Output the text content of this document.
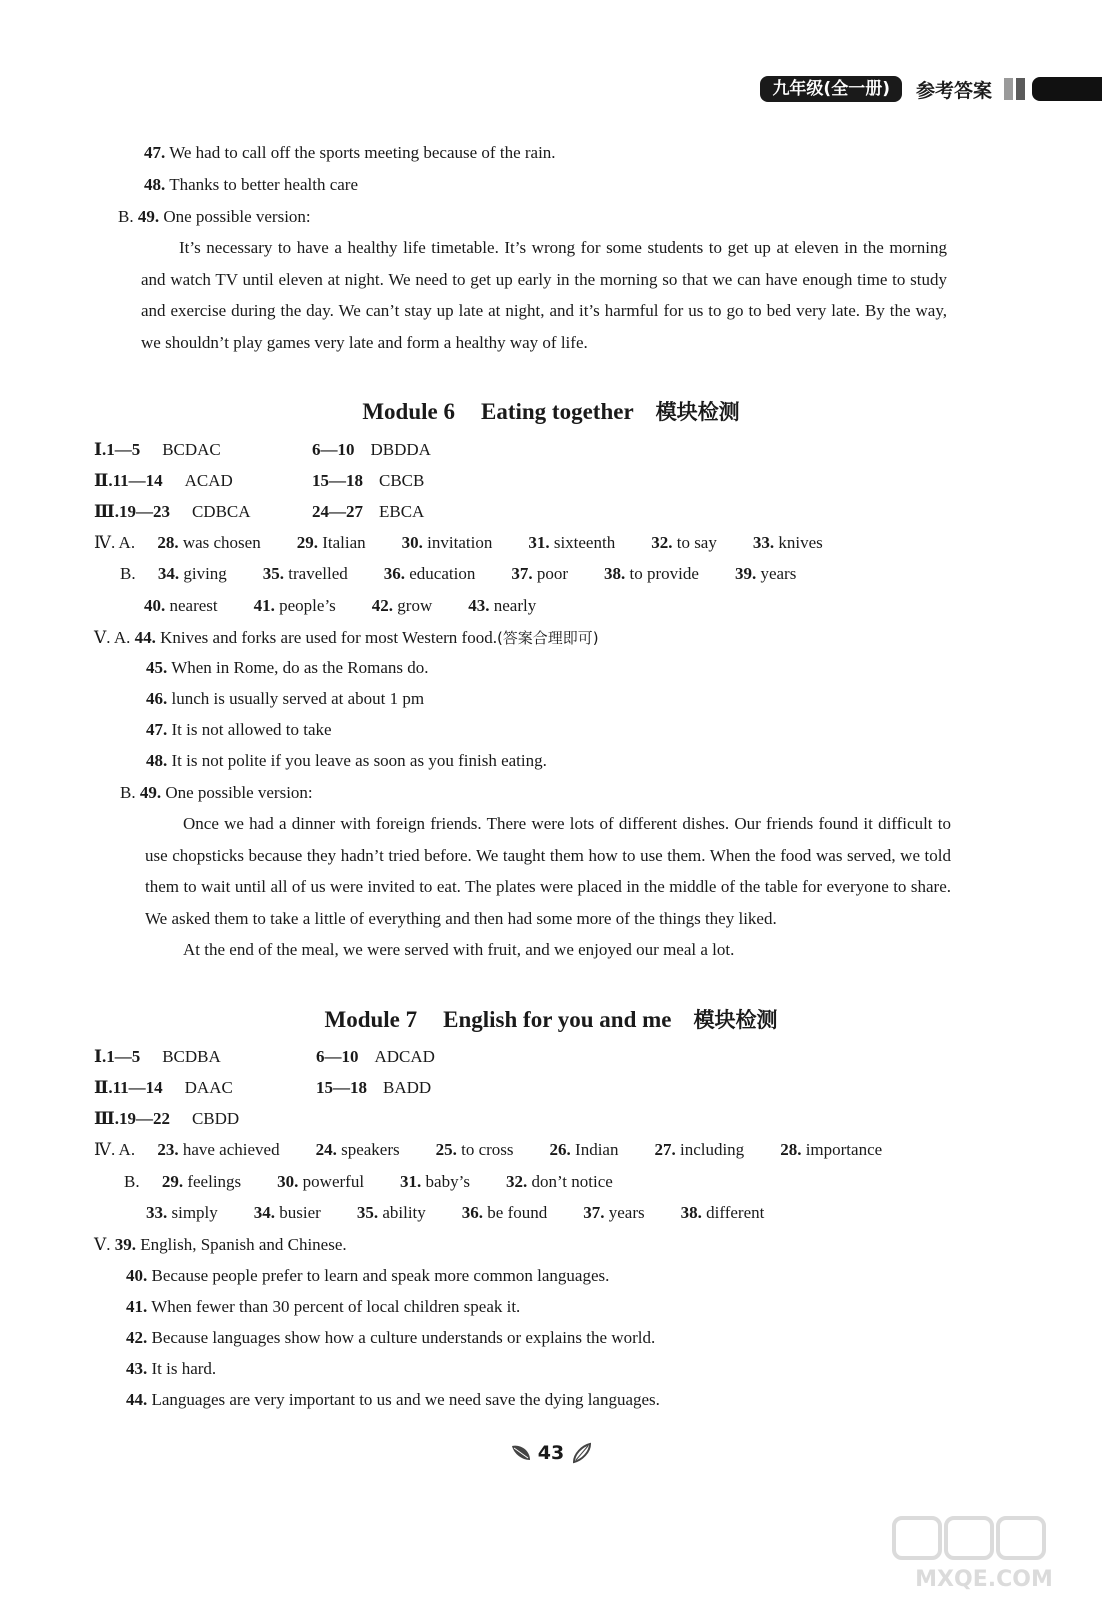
九年级(全一册)	参考答案
47. We had to call off the sports meeting because of the rain.
48. Thanks to better health care
B. 49. One possible version:

It’s necessary to have a healthy life timetable. It’s wrong for some students to get up at eleven in the morning and watch TV until eleven at night. We need to get up early in the morning so that we can have enough time to study and exercise during the day. We can’t stay up late at night, and it’s harmful for us to go to bed very late. By the way, we shouldn’t play games very late and form a healthy way of life.

Module 6 Eating together 模块检测
Ⅰ.1—5 BCDAC	6—10 DBDDA
Ⅱ.11—14 ACAD	15—18 CBCB
Ⅲ.19—23 CDBCA	24—27 EBCA
Ⅳ. A. 28. was chosen	29. Italian	30. invitation	31. sixteenth	32. to say	33. knives
B. 34. giving	35. travelled	36. education	37. poor	38. to provide	39. years
40. nearest	41. people’s	42. grow	43. nearly
Ⅴ. A. 44. Knives and forks are used for most Western food.(答案合理即可)
45. When in Rome, do as the Romans do.
46. lunch is usually served at about 1 pm
47. It is not allowed to take
48. It is not polite if you leave as soon as you finish eating.
B. 49. One possible version:

Once we had a dinner with foreign friends. There were lots of different dishes. Our friends found it difficult to use chopsticks because they hadn’t tried before. We taught them how to use them. When the food was served, we told them to wait until all of us were invited to eat. The plates were placed in the middle of the table for everyone to share. We asked them to take a little of everything and then had some more of the things they liked.

At the end of the meal, we were served with fruit, and we enjoyed our meal a lot.

Module 7 English for you and me 模块检测
Ⅰ.1—5 BCDBA	6—10 ADCAD
Ⅱ.11—14 DAAC	15—18 BADD
Ⅲ.19—22 CBDD
Ⅳ. A. 23. have achieved	24. speakers	25. to cross	26. Indian	27. including	28. importance
B. 29. feelings	30. powerful	31. baby’s	32. don’t notice
33. simply	34. busier	35. ability	36. be found	37. years	38. different
Ⅴ. 39. English, Spanish and Chinese.
40. Because people prefer to learn and speak more common languages.
41. When fewer than 30 percent of local children speak it.
42. Because languages show how a culture understands or explains the world.
43. It is hard.
44. Languages are very important to us and we need save the dying languages.
43
MXQE.COM
